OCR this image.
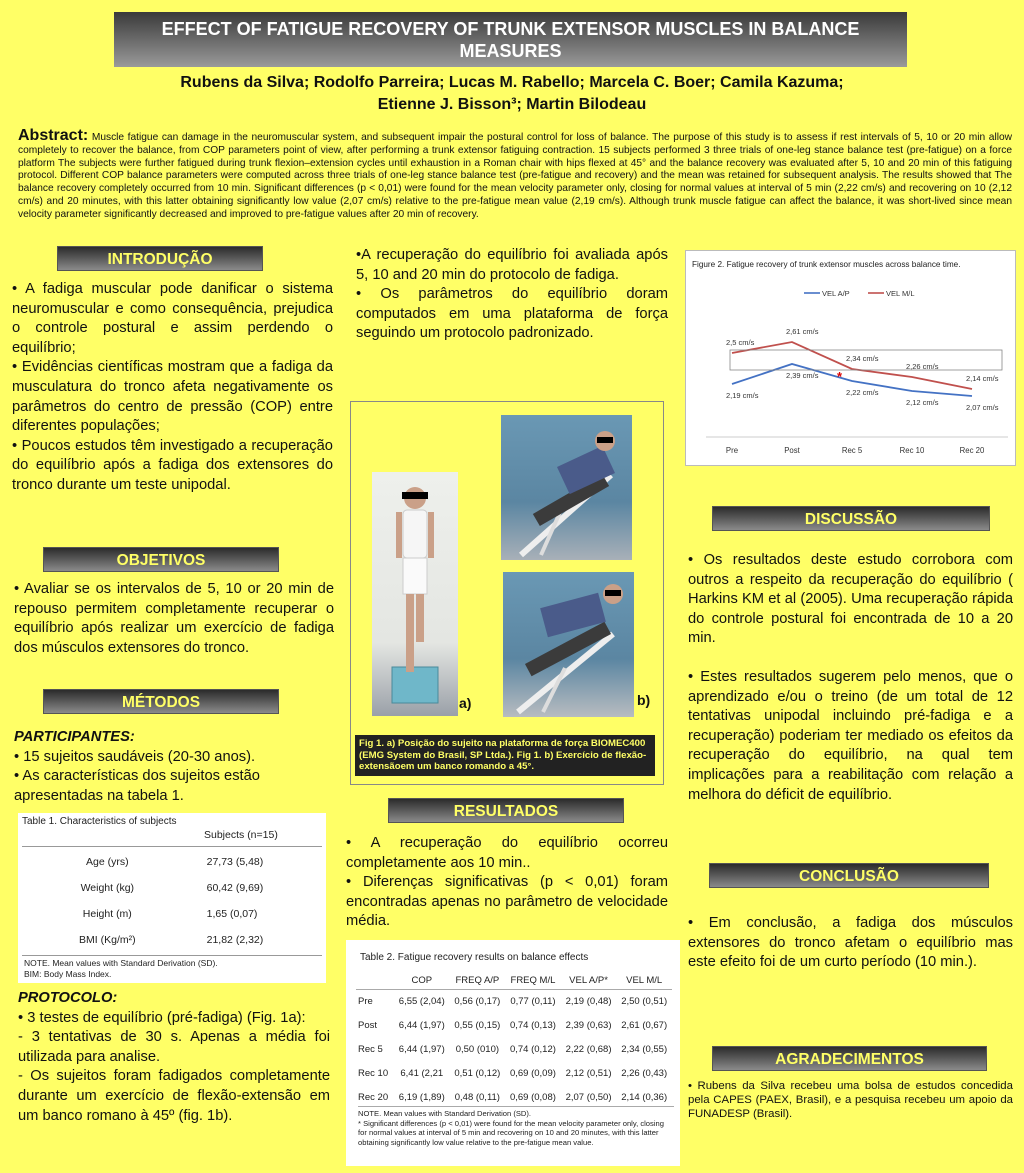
EFFECT OF FATIGUE RECOVERY OF TRUNK EXTENSOR MUSCLES IN BALANCE MEASURES
Rubens da Silva; Rodolfo Parreira; Lucas M. Rabello; Marcela C. Boer; Camila Kazuma;
Etienne J. Bisson³; Martin Bilodeau
Abstract: Muscle fatigue can damage in the neuromuscular system, and subsequent impair the postural control for loss of balance. The purpose of this study is to assess if rest intervals of 5, 10 or 20 min allow completely to recover the balance, from COP parameters point of view, after performing a trunk extensor fatiguing contraction. 15 subjects performed 3 three trials of one-leg stance balance test (pre-fatigue) on a force platform The subjects were further fatigued during trunk flexion–extension cycles until exhaustion in a Roman chair with hips flexed at 45° and the balance recovery was evaluated after 5, 10 and 20 min of this fatiguing protocol. Different COP balance parameters were computed across three trials of one-leg stance balance test (pre-fatigue and recovery) and the mean was retained for subsequent analysis. The results showed that The balance recovery completely occurred from 10 min. Significant differences (p < 0,01) were found for the mean velocity parameter only, closing for normal values at interval of 5 min (2,22 cm/s) and recovering on 10 (2,12 cm/s) and 20 minutes, with this latter obtaining significantly low value (2,07 cm/s) relative to the pre-fatigue mean value (2,19 cm/s). Although trunk muscle fatigue can affect the balance, it was short-lived since mean velocity parameter significantly decreased and improved to pre-fatigue values after 20 min of recovery.
INTRODUÇÃO

• A fadiga muscular pode danificar o sistema neuromuscular e como consequência, prejudica o controle postural e assim perdendo o equilíbrio;

• Evidências científicas mostram que a fadiga da musculatura do tronco afeta negativamente os parâmetros do centro de pressão (COP) entre diferentes populações;

• Poucos estudos têm investigado a recuperação do equilíbrio após a fadiga dos extensores do tronco durante um teste unipodal.

OBJETIVOS

• Avaliar se os intervalos de 5, 10 or 20 min de repouso permitem completamente recuperar o equilíbrio após realizar um exercício de fadiga dos músculos extensores do tronco.

MÉTODOS

PARTICIPANTES:

• 15 sujeitos saudáveis (20-30 anos).

• As características dos sujeitos estão apresentadas na tabela 1.

Table 1. Characteristics of subjects
Subjects (n=15)
Age (yrs)	27,73 (5,48)
Weight (kg)	60,42 (9,69)
Height (m)	1,65 (0,07)
BMI (Kg/m²)	21,82 (2,32)
NOTE. Mean values with Standard Derivation (SD).
BIM: Body Mass Index.

PROTOCOLO:

• 3 testes de equilíbrio (pré-fadiga) (Fig. 1a):

- 3 tentativas de 30 s. Apenas a média foi utilizada para analise.

- Os sujeitos foram fadigados completamente durante um exercício de flexão-extensão em um banco romano à 45º (fig. 1b).

•A recuperação do equilíbrio foi avaliada após 5, 10 and 20 min do protocolo de fadiga.

• Os parâmetros do equilíbrio doram computados em uma plataforma de força seguindo um protocolo padronizado.

a)	b)
Fig 1. a) Posição do sujeito na plataforma de força BIOMEC400 (EMG System do Brasil, SP Ltda.). Fig 1. b) Exercício de flexão-extensãoem um banco romando a 45°.
RESULTADOS

• A recuperação do equilíbrio ocorreu completamente aos 10 min..

• Diferenças significativas (p < 0,01) foram encontradas apenas no parâmetro de velocidade média.

Table 2. Fatigue recovery results on balance effects
	COP	FREQ A/P	FREQ M/L	VEL A/P*	VEL M/L
Pre	6,55 (2,04)	0,56 (0,17)	0,77 (0,11)	2,19 (0,48)	2,50 (0,51)
Post	6,44 (1,97)	0,55 (0,15)	0,74 (0,13)	2,39 (0,63)	2,61 (0,67)
Rec 5	6,44 (1,97)	0,50 (010)	0,74 (0,12)	2,22 (0,68)	2,34 (0,55)
Rec 10	6,41 (2,21	0,51 (0,12)	0,69 (0,09)	2,12 (0,51)	2,26 (0,43)
Rec 20	6,19 (1,89)	0,48 (0,11)	0,69 (0,08)	2,07 (0,50)	2,14 (0,36)
NOTE. Mean values with Standard Derivation (SD).
* Significant differences (p < 0,01) were found for the mean velocity parameter only, closing for normal values at interval of 5 min and recovering on 10 and 20 minutes, with this latter obtaining significantly low value relative to the pre-fatigue mean value.
Figure 2. Fatigue recovery of trunk extensor muscles across balance time.
VEL A/P	VEL M/L
2,19 cm/s
2,39 cm/s
2,22 cm/s
2,12 cm/s
2,07 cm/s
2,5 cm/s
2,61 cm/s
2,34 cm/s
2,26 cm/s
2,14 cm/s
*
Pre	Post	Rec 5	Rec 10	Rec 20
DISCUSSÃO

• Os resultados deste estudo corrobora com outros a respeito da recuperação do equilíbrio ( Harkins KM et al (2005). Uma recuperação rápida do controle postural foi encontrada de 10 a 20 min.

• Estes resultados sugerem pelo menos, que o aprendizado e/ou o treino (de um total de 12 tentativas unipodal incluindo pré-fadiga e a recuperação) poderiam ter mediado os efeitos da recuperação do equilíbrio, na qual tem implicações para a reabilitação com relação a melhora do déficit de equilíbrio.

CONCLUSÃO

• Em conclusão, a fadiga dos músculos extensores do tronco afetam o equilíbrio mas este efeito foi de um curto período (10 min.).

AGRADECIMENTOS

• Rubens da Silva recebeu uma bolsa de estudos concedida pela CAPES (PAEX, Brasil), e a pesquisa recebeu um apoio da FUNADESP (Brasil).
